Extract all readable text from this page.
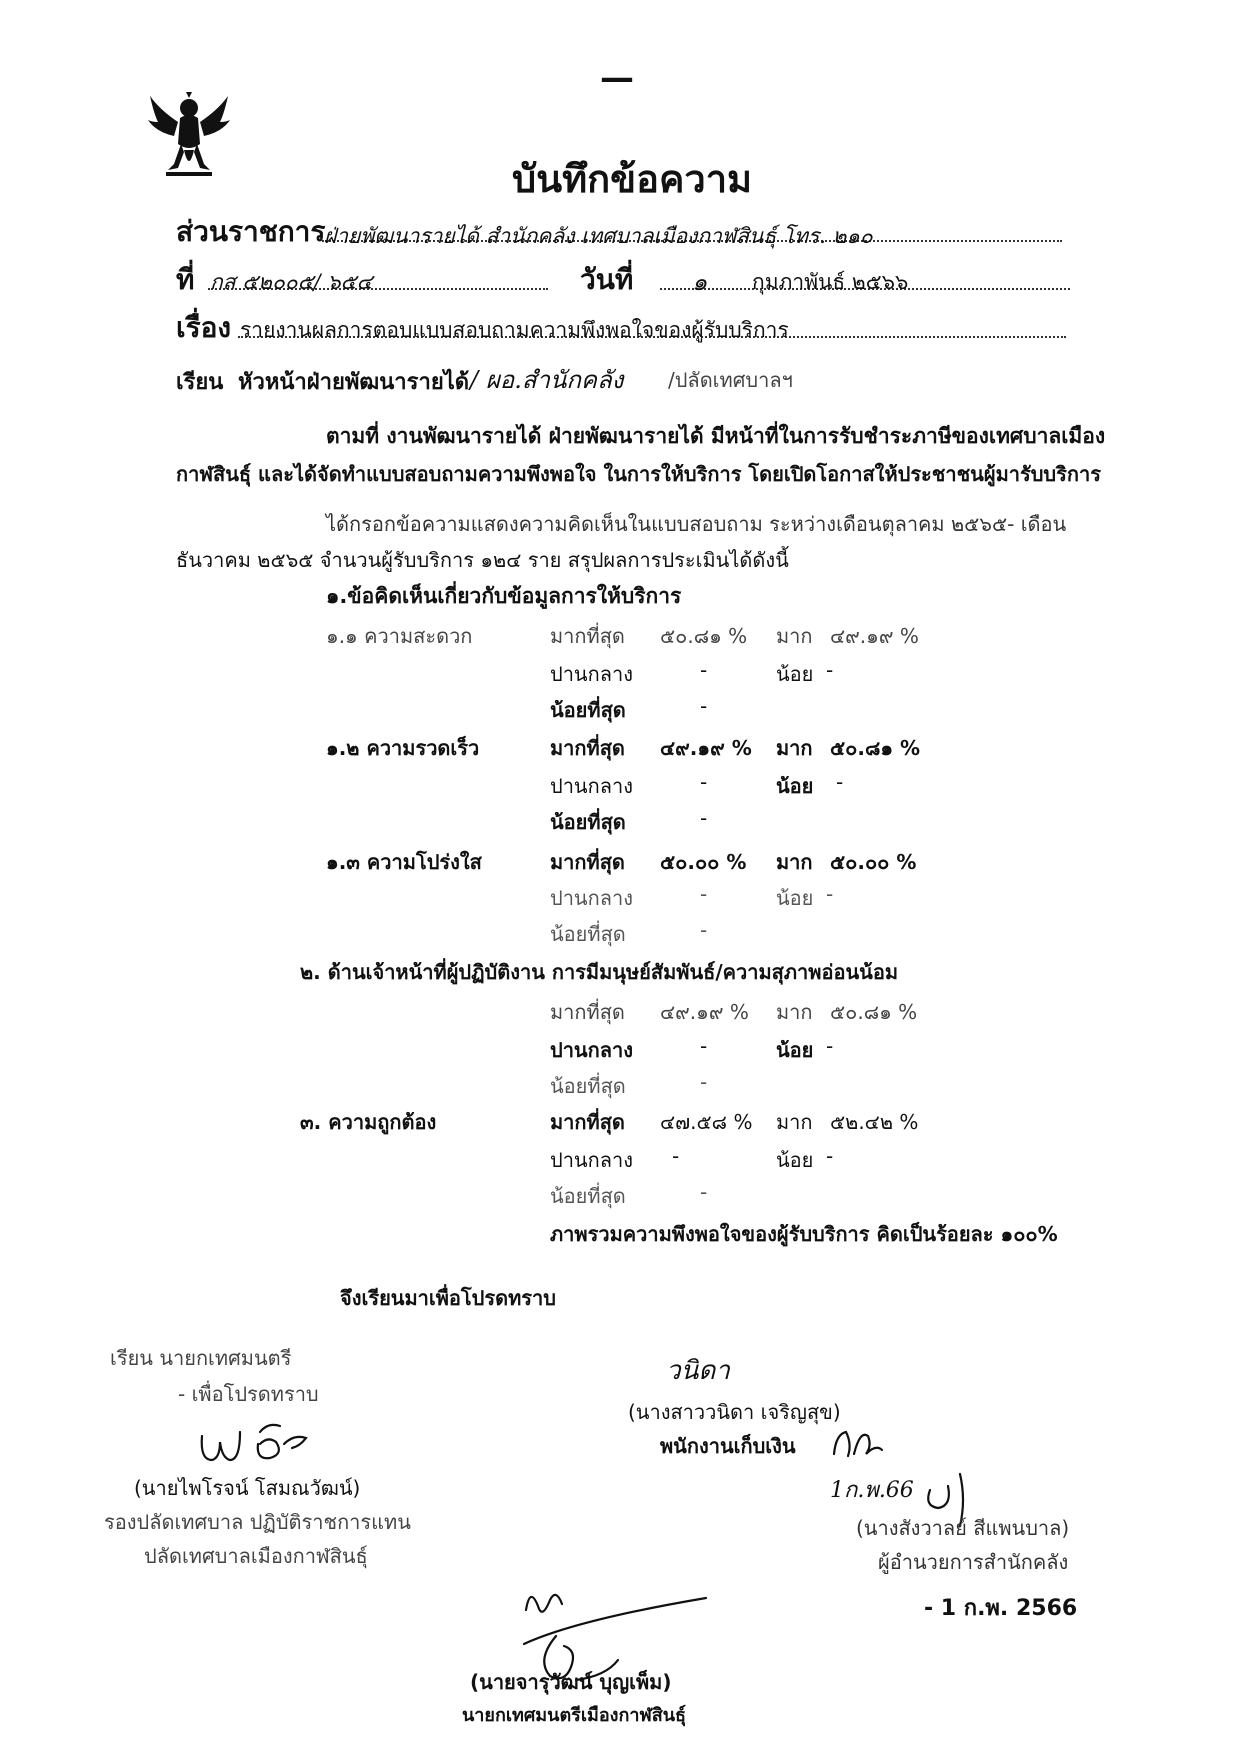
—
บันทึกข้อความ
ส่วนราชการ
ฝ่ายพัฒนารายได้ สำนักคลัง เทศบาลเมืองกาฬสินธุ์ โทร. ๒๑๐
ที่ กส ๕๒๐๐๕/ ๖๕๔	วันที่ ๑ กุมภาพันธ์ ๒๕๖๖
เรื่อง รายงานผลการตอบแบบสอบถามความพึงพอใจของผู้รับบริการ
เรียน หัวหน้าฝ่ายพัฒนารายได้ / ผอ.สำนักคลัง /ปลัดเทศบาลฯ
ตามที่ งานพัฒนารายได้ ฝ่ายพัฒนารายได้ มีหน้าที่ในการรับชำระภาษีของเทศบาลเมือง
กาฬสินธุ์ และได้จัดทำแบบสอบถามความพึงพอใจ ในการให้บริการ โดยเปิดโอกาสให้ประชาชนผู้มารับบริการ
ได้กรอกข้อความแสดงความคิดเห็นในแบบสอบถาม ระหว่างเดือนตุลาคม ๒๕๖๕- เดือน
ธันวาคม ๒๕๖๕ จำนวนผู้รับบริการ ๑๒๔ ราย สรุปผลการประเมินได้ดังนี้
๑.ข้อคิดเห็นเกี่ยวกับข้อมูลการให้บริการ
๑.๑ ความสะดวก	มากที่สุด ๕๐.๘๑ % มาก ๔๙.๑๙ %
ปานกลาง	-	น้อย -
น้อยที่สุด	-
๑.๒ ความรวดเร็ว	มากที่สุด ๔๙.๑๙ % มาก ๕๐.๘๑ %
ปานกลาง	-	น้อย -
น้อยที่สุด	-
๑.๓ ความโปร่งใส	มากที่สุด ๕๐.๐๐ % มาก ๕๐.๐๐ %
ปานกลาง	-	น้อย -
น้อยที่สุด	-
๒. ด้านเจ้าหน้าที่ผู้ปฏิบัติงาน การมีมนุษย์สัมพันธ์/ความสุภาพอ่อนน้อม
มากที่สุด ๔๙.๑๙ % มาก ๕๐.๘๑ %
ปานกลาง	-	น้อย -
น้อยที่สุด	-
๓. ความถูกต้อง	มากที่สุด ๔๗.๕๘ % มาก ๕๒.๔๒ %
ปานกลาง -	น้อย -
น้อยที่สุด	-
ภาพรวมความพึงพอใจของผู้รับบริการ คิดเป็นร้อยละ ๑๐๐%
จึงเรียนมาเพื่อโปรดทราบ
เรียน นายกเทศมนตรี
- เพื่อโปรดทราบ
(นายไพโรจน์ โสมณวัฒน์)
รองปลัดเทศบาล ปฏิบัติราชการแทน
ปลัดเทศบาลเมืองกาฬสินธุ์
วนิดา
(นางสาววนิดา เจริญสุข)
พนักงานเก็บเงิน
1ก.พ.66
(นางสังวาลย์ สีแพนบาล)
ผู้อำนวยการสำนักคลัง
- 1 ก.พ. 2566
(นายจารุวัฒน์ บุญเพ็ม)
นายกเทศมนตรีเมืองกาฬสินธุ์
